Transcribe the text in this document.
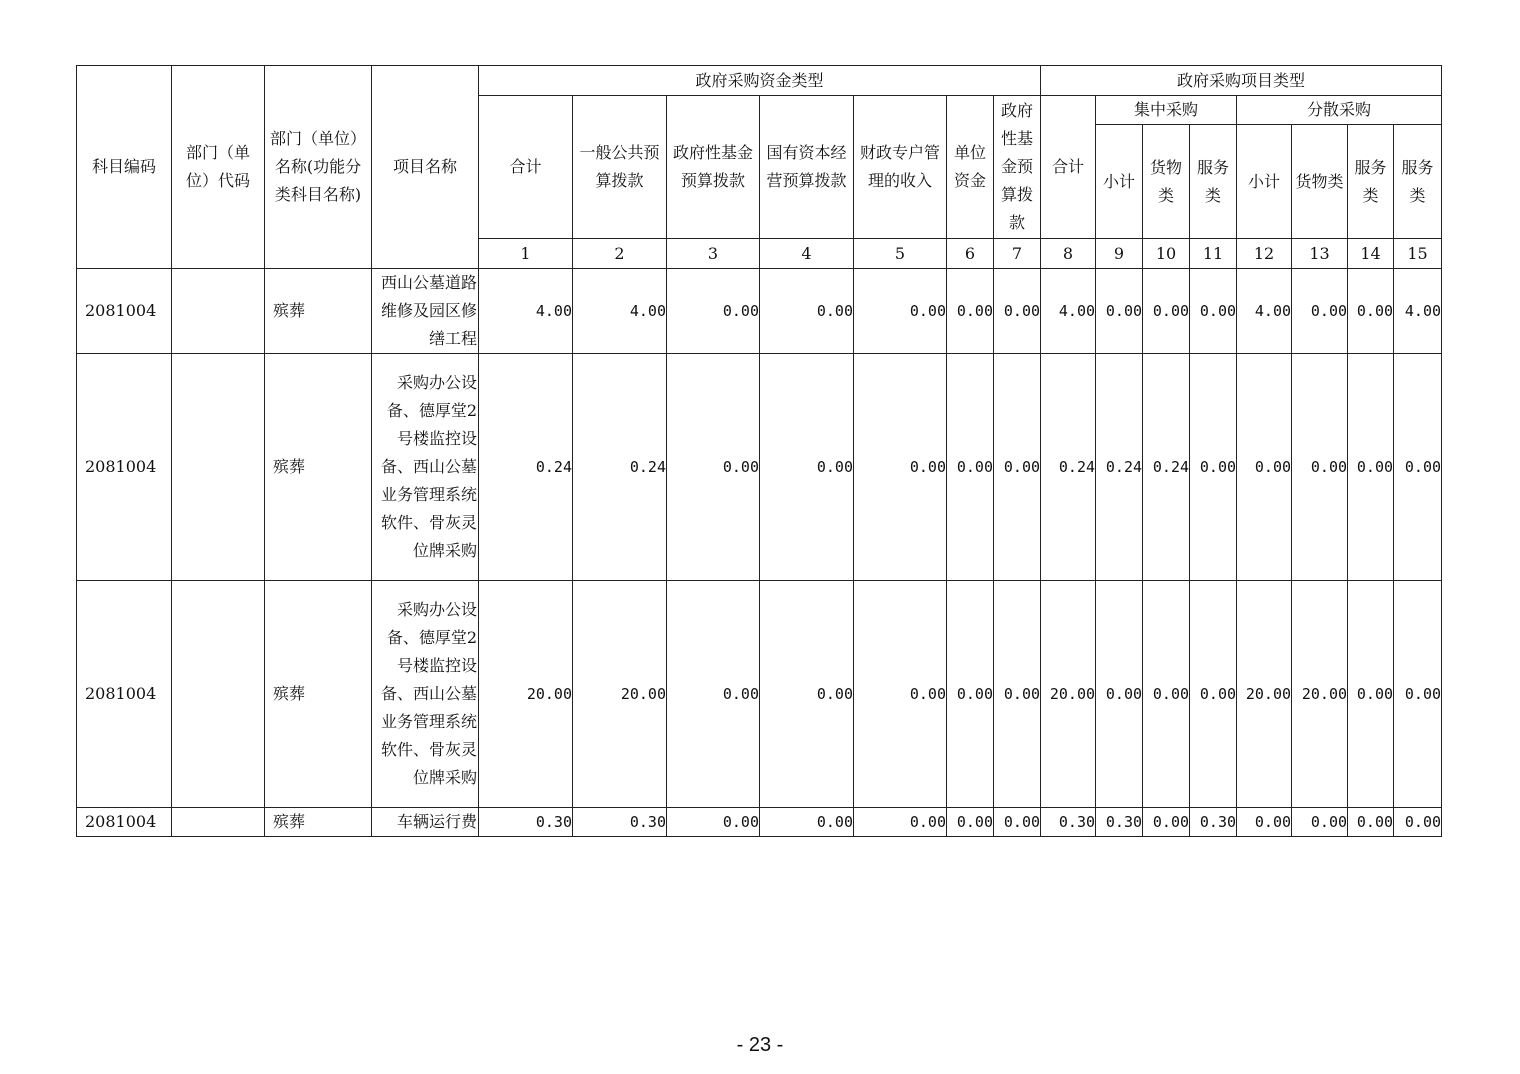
科目编码	部门（单位）代码	部门（单位）名称(功能分类科目名称)	项目名称	政府采购资金类型							政府采购项目类型							
				合计	一般公共预算拨款	政府性基金预算拨款	国有资本经营预算拨款	财政专户管理的收入	单位资金	政府性基金预算拨款	合计	集中采购			分散采购			
												小计	货物类	服务类	小计	货物类	服务类	服务类
				1	2	3	4	5	6	7	8	9	10	11	12	13	14	15
2081004		殡葬	西山公墓道路维修及园区修缮工程	4.00	4.00	0.00	0.00	0.00	0.00	0.00	4.00	0.00	0.00	0.00	4.00	0.00	0.00	4.00
2081004		殡葬	采购办公设备、德厚堂2号楼监控设备、西山公墓业务管理系统软件、骨灰灵位牌采购	0.24	0.24	0.00	0.00	0.00	0.00	0.00	0.24	0.24	0.24	0.00	0.00	0.00	0.00	0.00
2081004		殡葬	采购办公设备、德厚堂2号楼监控设备、西山公墓业务管理系统软件、骨灰灵位牌采购	20.00	20.00	0.00	0.00	0.00	0.00	0.00	20.00	0.00	0.00	0.00	20.00	20.00	0.00	0.00
2081004		殡葬	车辆运行费	0.30	0.30	0.00	0.00	0.00	0.00	0.00	0.30	0.30	0.00	0.30	0.00	0.00	0.00	0.00
- 23 -
